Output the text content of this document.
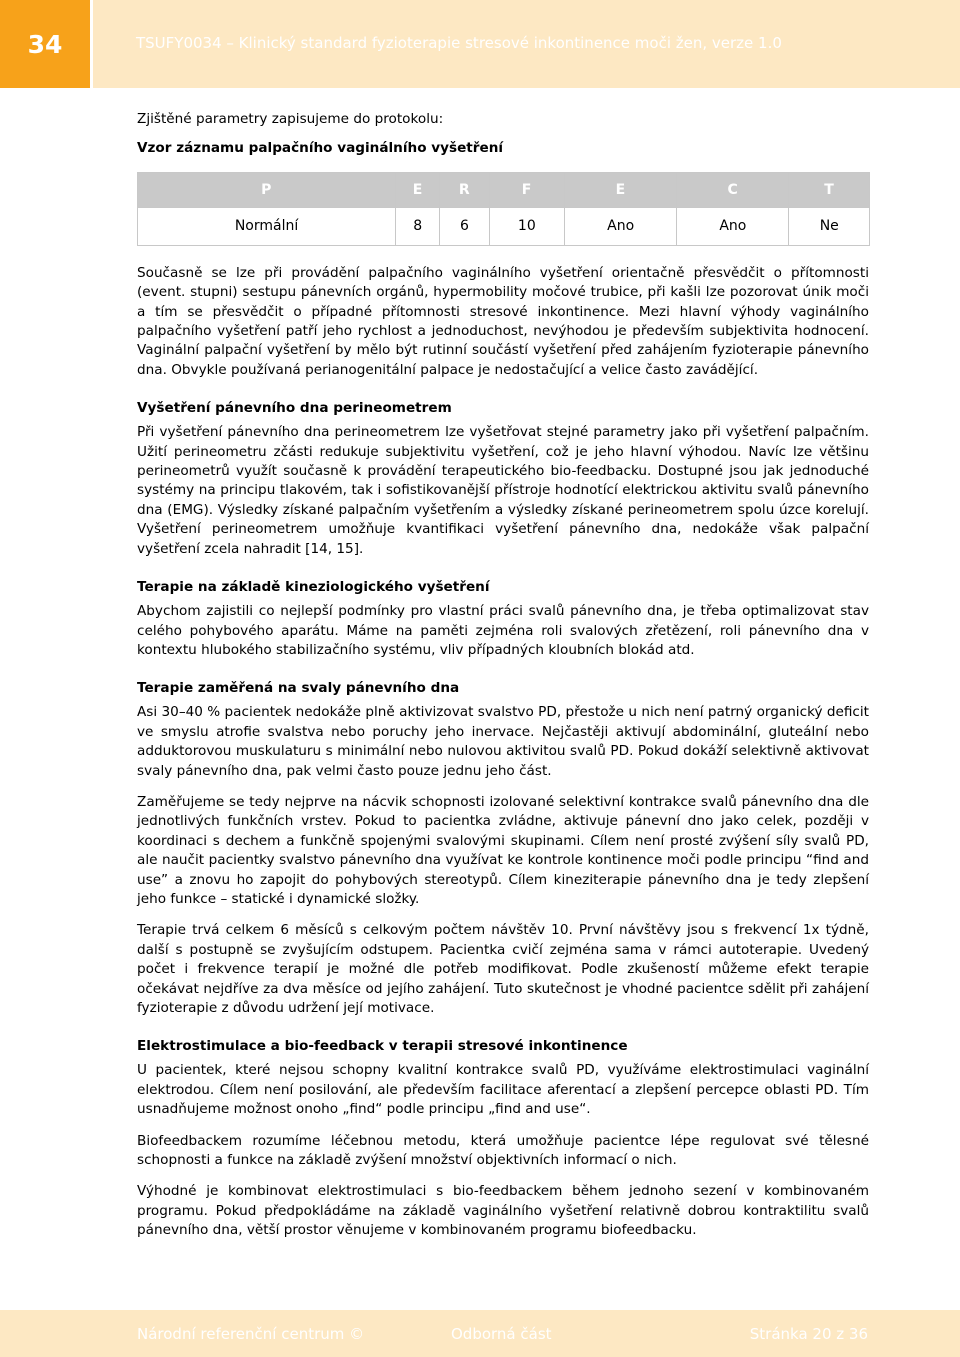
34	TSUFY0034 – Klinický standard fyzioterapie stresové inkontinence moči žen, verze 1.0

Zjištěné parametry zapisujeme do protokolu:

Vzor záznamu palpačního vaginálního vyšetření

P	E	R	F	E	C	T
Normální	8	6	10	Ano	Ano	Ne

Současně se lze při provádění palpačního vaginálního vyšetření orientačně přesvědčit o přítomnosti (event. stupni) sestupu pánevních orgánů, hypermobility močové trubice, při kašli lze pozorovat únik moči a tím se přesvědčit o případné přítomnosti stresové inkontinence. Mezi hlavní výhody vaginálního palpačního vyšetření patří jeho rychlost a jednoduchost, nevýhodou je především subjektivita hodnocení. Vaginální palpační vyšetření by mělo být rutinní součástí vyšetření před zahájením fyzioterapie pánevního dna. Obvykle používaná perianogenitální palpace je nedostačující a velice často zavádějící.

Vyšetření pánevního dna perineometrem

Při vyšetření pánevního dna perineometrem lze vyšetřovat stejné parametry jako při vyšetření palpačním. Užití perineometru zčásti redukuje subjektivitu vyšetření, což je jeho hlavní výhodou. Navíc lze většinu perineometrů využít současně k provádění terapeutického bio-feedbacku. Dostupné jsou jak jednoduché systémy na principu tlakovém, tak i sofistikovanější přístroje hodnotící elektrickou aktivitu svalů pánevního dna (EMG). Výsledky získané palpačním vyšetřením a výsledky získané perineometrem spolu úzce korelují. Vyšetření perineometrem umožňuje kvantifikaci vyšetření pánevního dna, nedokáže však palpační vyšetření zcela nahradit [14, 15].

Terapie na základě kineziologického vyšetření

Abychom zajistili co nejlepší podmínky pro vlastní práci svalů pánevního dna, je třeba optimalizovat stav celého pohybového aparátu. Máme na paměti zejména roli svalových zřetězení, roli pánevního dna v kontextu hlubokého stabilizačního systému, vliv případných kloubních blokád atd.

Terapie zaměřená na svaly pánevního dna

Asi 30–40 % pacientek nedokáže plně aktivizovat svalstvo PD, přestože u nich není patrný organický deficit ve smyslu atrofie svalstva nebo poruchy jeho inervace. Nejčastěji aktivují abdominální, gluteální nebo adduktorovou muskulaturu s minimální nebo nulovou aktivitou svalů PD. Pokud dokáží selektivně aktivovat svaly pánevního dna, pak velmi často pouze jednu jeho část.

Zaměřujeme se tedy nejprve na nácvik schopnosti izolované selektivní kontrakce svalů pánevního dna dle jednotlivých funkčních vrstev. Pokud to pacientka zvládne, aktivuje pánevní dno jako celek, později v koordinaci s dechem a funkčně spojenými svalovými skupinami. Cílem není prosté zvýšení síly svalů PD, ale naučit pacientky svalstvo pánevního dna využívat ke kontrole kontinence moči podle principu “find and use” a znovu ho zapojit do pohybových stereotypů. Cílem kineziterapie pánevního dna je tedy zlepšení jeho funkce – statické i dynamické složky.

Terapie trvá celkem 6 měsíců s celkovým počtem návštěv 10. První návštěvy jsou s frekvencí 1x týdně, další s postupně se zvyšujícím odstupem. Pacientka cvičí zejména sama v rámci autoterapie. Uvedený počet i frekvence terapií je možné dle potřeb modifikovat. Podle zkušeností můžeme efekt terapie očekávat nejdříve za dva měsíce od jejího zahájení. Tuto skutečnost je vhodné pacientce sdělit při zahájení fyzioterapie z důvodu udržení její motivace.

Elektrostimulace a bio-feedback v terapii stresové inkontinence

U pacientek, které nejsou schopny kvalitní kontrakce svalů PD, využíváme elektrostimulaci vaginální elektrodou. Cílem není posilování, ale především facilitace aferentací a zlepšení percepce oblasti PD. Tím usnadňujeme možnost onoho „find“ podle principu „find and use“.

Biofeedbackem rozumíme léčebnou metodu, která umožňuje pacientce lépe regulovat své tělesné schopnosti a funkce na základě zvýšení množství objektivních informací o nich.

Výhodné je kombinovat elektrostimulaci s bio-feedbackem během jednoho sezení v kombinovaném programu. Pokud předpokládáme na základě vaginálního vyšetření relativně dobrou kontraktilitu svalů pánevního dna, větší prostor věnujeme v kombinovaném programu biofeedbacku.

Národní referenční centrum ©	Odborná část	Stránka 20 z 36
